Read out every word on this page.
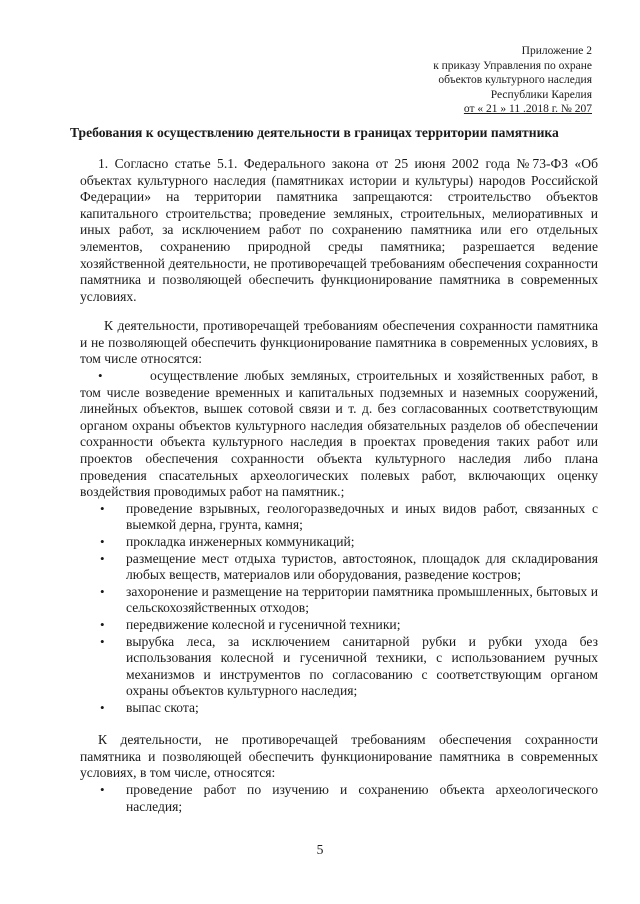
Приложение 2
к приказу Управления по охране
объектов культурного наследия
Республики Карелия
от « 21 » 11 .2018 г. № 207
Требования к осуществлению деятельности в границах территории памятника
1. Согласно статье 5.1. Федерального закона от 25 июня 2002 года №73-ФЗ «Об объектах культурного наследия (памятниках истории и культуры) народов Российской Федерации» на территории памятника запрещаются: строительство объектов капитального строительства; проведение земляных, строительных, мелиоративных и иных работ, за исключением работ по сохранению памятника или его отдельных элементов, сохранению природной среды памятника; разрешается ведение хозяйственной деятельности, не противоречащей требованиям обеспечения сохранности памятника и позволяющей обеспечить функционирование памятника в современных условиях.
К деятельности, противоречащей требованиям обеспечения сохранности памятника и не позволяющей обеспечить функционирование памятника в современных условиях, в том числе относятся:
•	осуществление любых земляных, строительных и хозяйственных работ, в том числе возведение временных и капитальных подземных и наземных сооружений, линейных объектов, вышек сотовой связи и т. д. без согласованных соответствующим органом охраны объектов культурного наследия обязательных разделов об обеспечении сохранности объекта культурного наследия в проектах проведения таких работ или проектов обеспечения сохранности объекта культурного наследия либо плана проведения спасательных археологических полевых работ, включающих оценку воздействия проводимых работ на памятник.;
• проведение взрывных, геологоразведочных и иных видов работ, связанных с выемкой дерна, грунта, камня;
• прокладка инженерных коммуникаций;
• размещение мест отдыха туристов, автостоянок, площадок для складирования любых веществ, материалов или оборудования, разведение костров;
• захоронение и размещение на территории памятника промышленных, бытовых и сельскохозяйственных отходов;
• передвижение колесной и гусеничной техники;
• вырубка леса, за исключением санитарной рубки и рубки ухода без использования колесной и гусеничной техники, с использованием ручных механизмов и инструментов по согласованию с соответствующим органом охраны объектов культурного наследия;
• выпас скота;
К деятельности, не противоречащей требованиям обеспечения сохранности памятника и позволяющей обеспечить функционирование памятника в современных условиях, в том числе, относятся:
• проведение работ по изучению и сохранению объекта археологического наследия;
5
